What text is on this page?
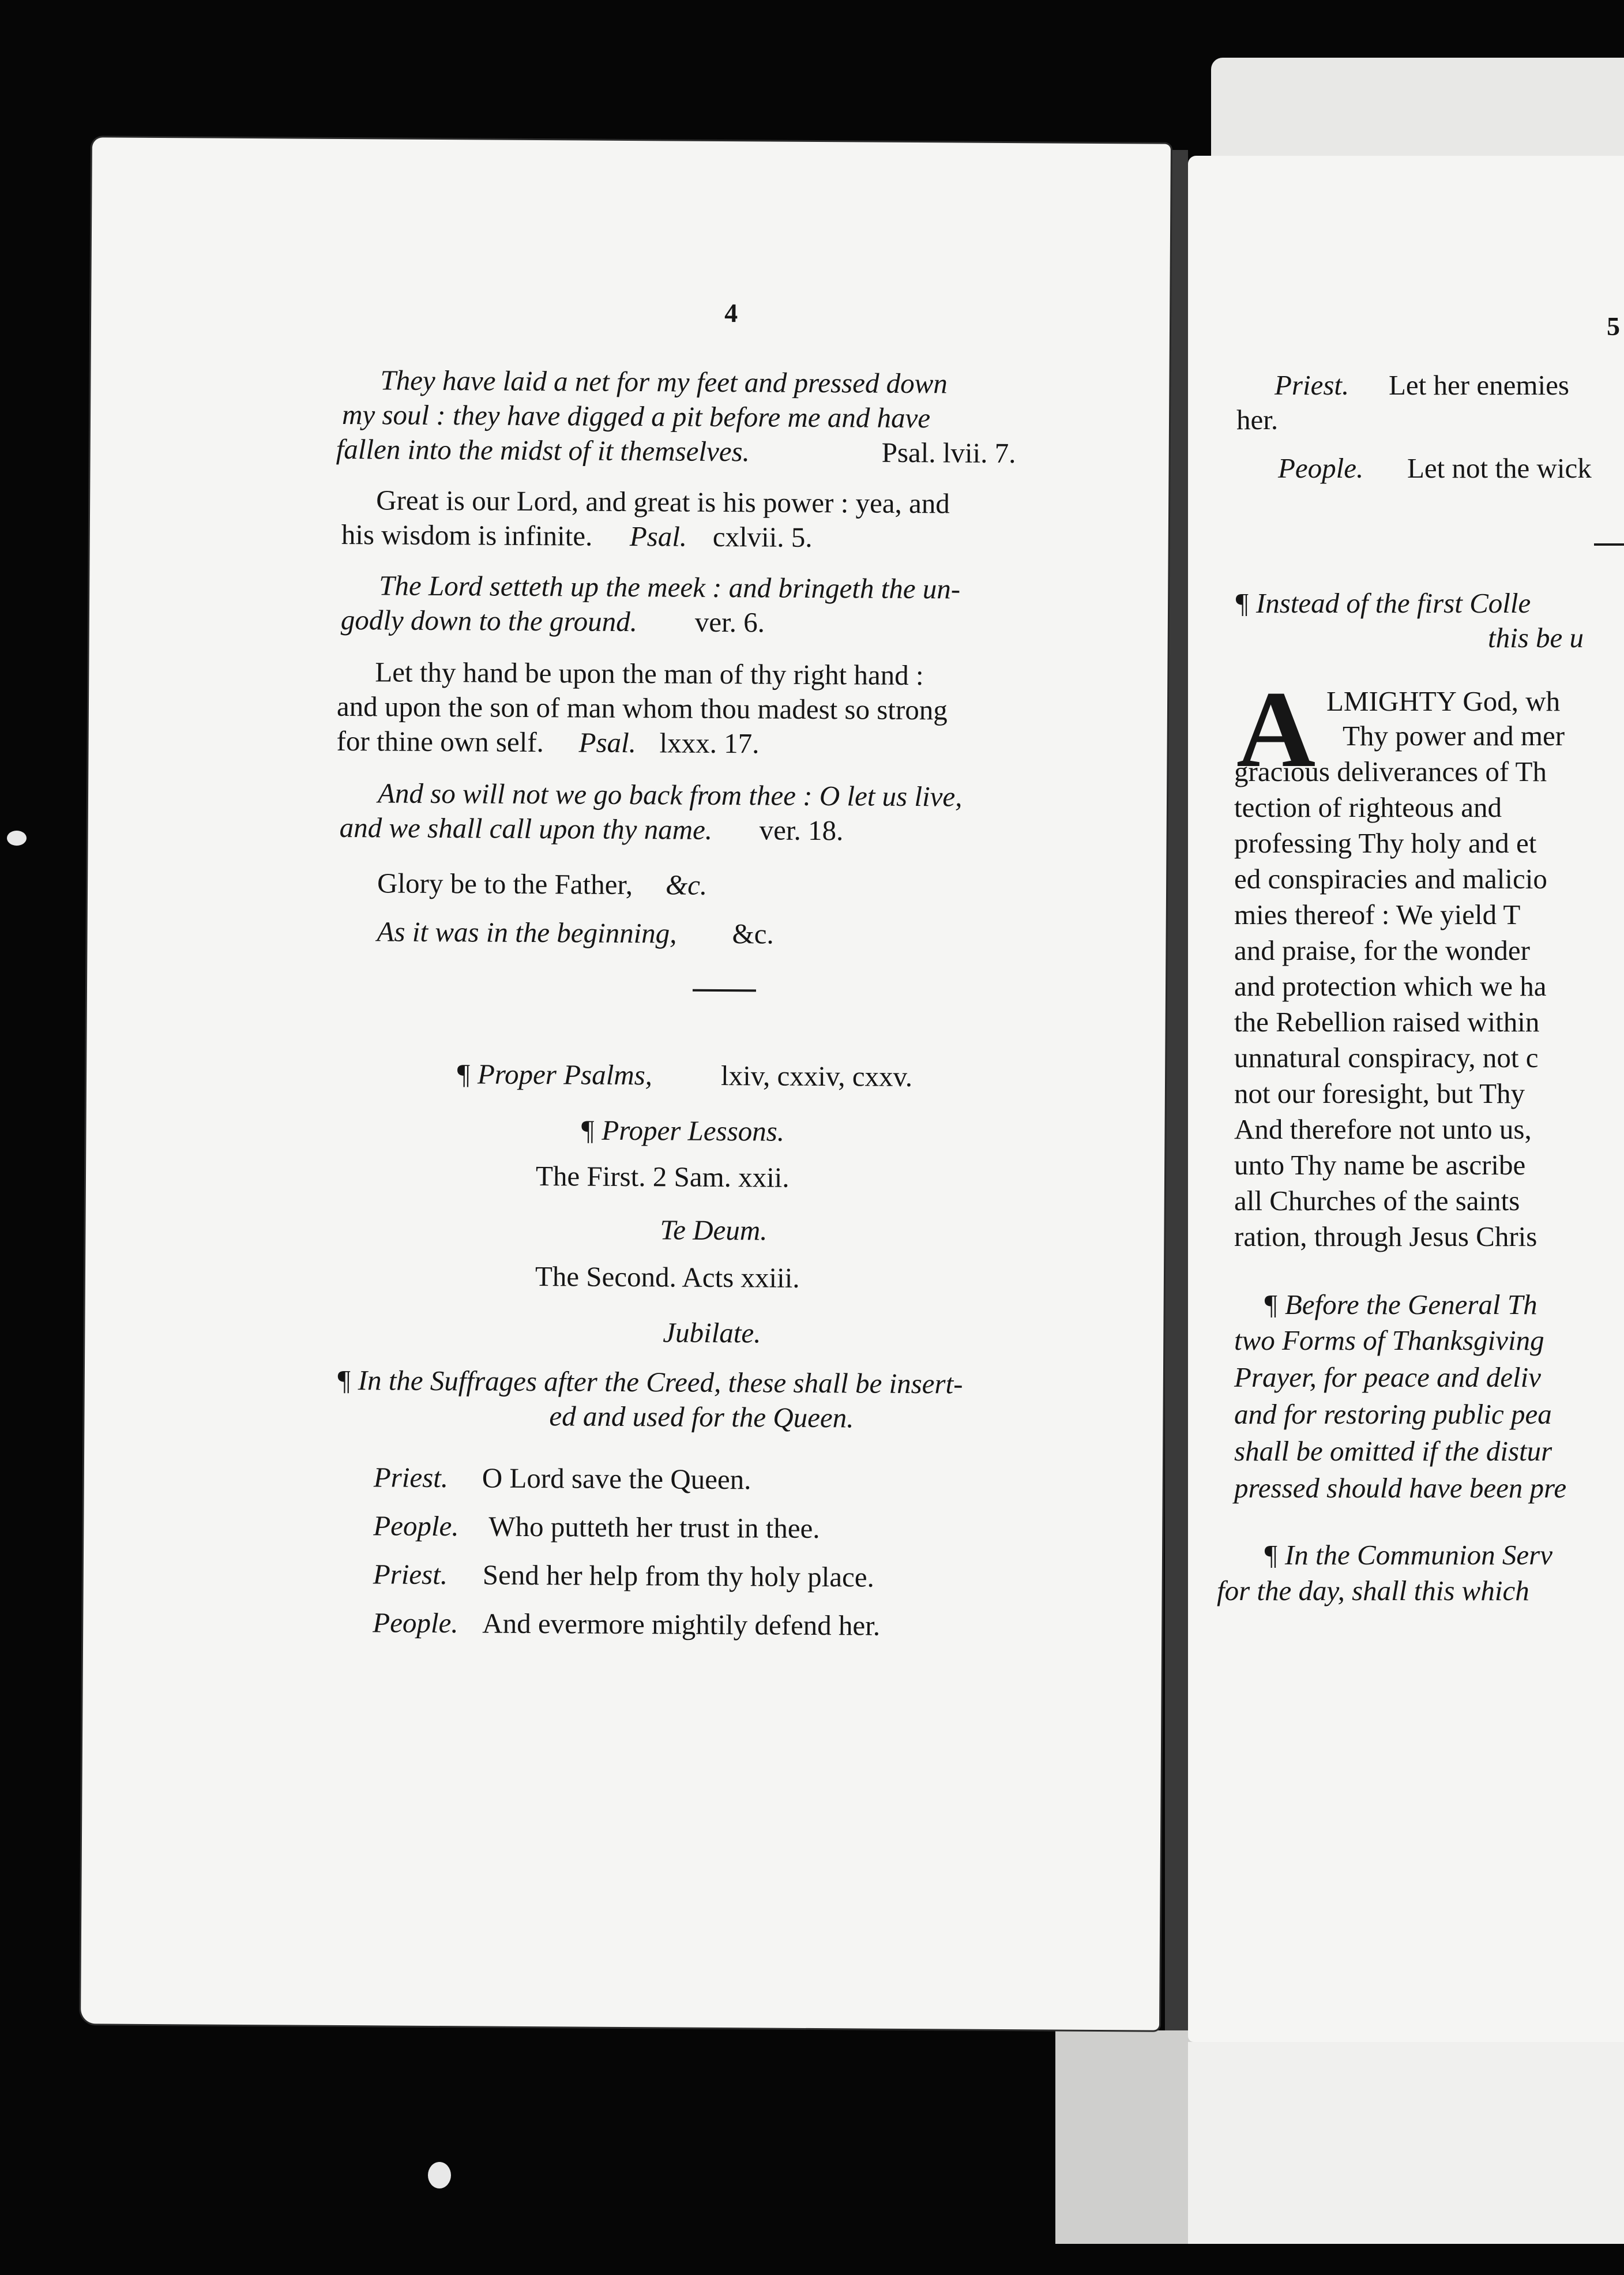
4
They have laid a net for my feet and pressed down
my soul : they have digged a pit before me and have
fallen into the midst of it themselves.	Psal. lvii. 7.
Great is our Lord, and great is his power : yea, and
his wisdom is infinite. Psal. cxlvii. 5.
The Lord setteth up the meek : and bringeth the un-
godly down to the ground. ver. 6.
Let thy hand be upon the man of thy right hand :
and upon the son of man whom thou madest so strong
for thine own self. Psal. lxxx. 17.
And so will not we go back from thee : O let us live,
and we shall call upon thy name. ver. 18.
Glory be to the Father, &c.
As it was in the beginning, &c.
¶ Proper Psalms, lxiv, cxxiv, cxxv.
¶ Proper Lessons.
The First. 2 Sam. xxii.
Te Deum.
The Second. Acts xxiii.
Jubilate.
¶ In the Suffrages after the Creed, these shall be insert-
ed and used for the Queen.
Priest. O Lord save the Queen.
People. Who putteth her trust in thee.
Priest. Send her help from thy holy place.
People. And evermore mightily defend her.
5
Priest. Let her enemies
her.
People. Let not the wick
¶ Instead of the first Colle
this be u
A LMIGHTY God, wh
Thy power and mer
gracious deliverances of Th
tection of righteous and
professing Thy holy and et
ed conspiracies and malicio
mies thereof : We yield T
and praise, for the wonder
and protection which we ha
the Rebellion raised within
unnatural conspiracy, not c
not our foresight, but Thy
And therefore not unto us,
unto Thy name be ascribe
all Churches of the saints
ration, through Jesus Chris
¶ Before the General Th
two Forms of Thanksgiving
Prayer, for peace and deliv
and for restoring public pea
shall be omitted if the distur
pressed should have been pre
¶ In the Communion Serv
for the day, shall this which
